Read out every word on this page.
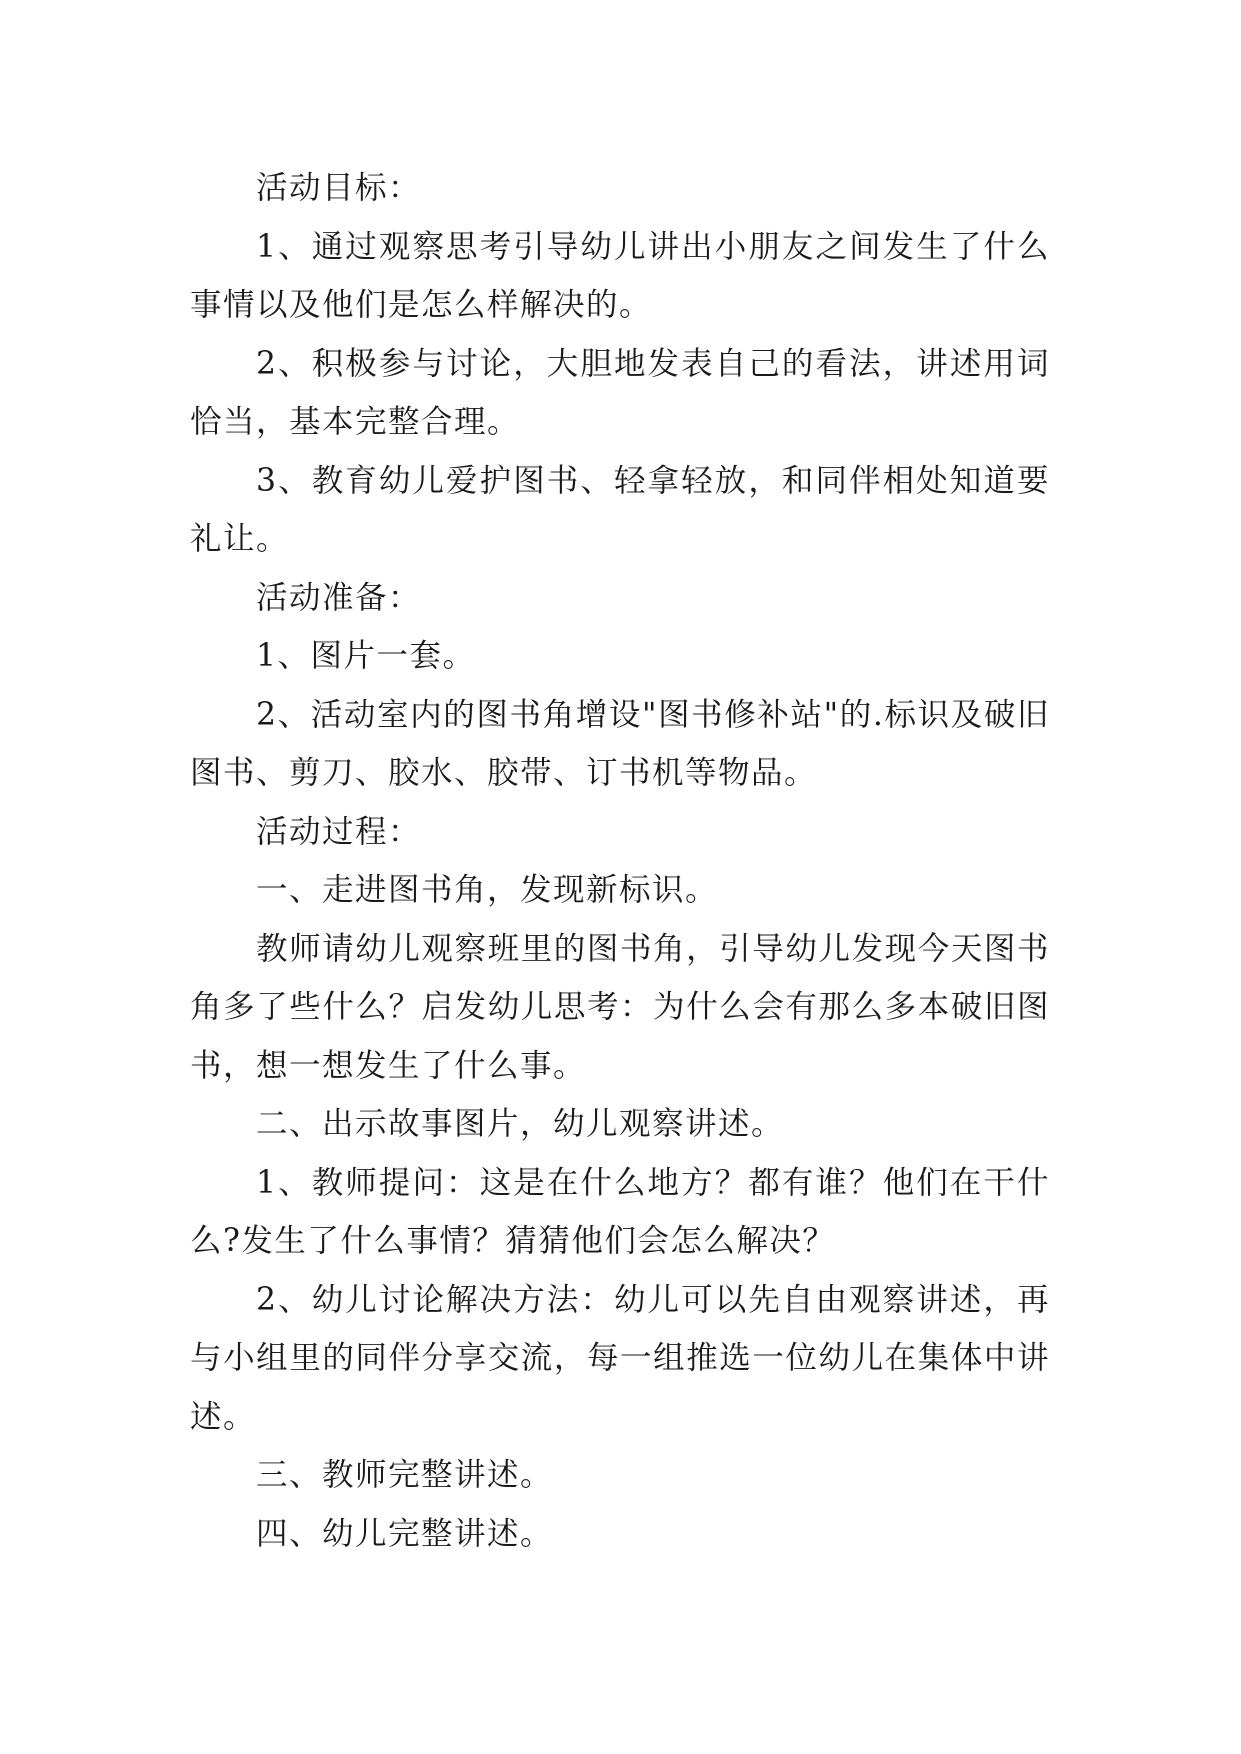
活动目标：

1、通过观察思考引导幼儿讲出小朋友之间发生了什么事情以及他们是怎么样解决的。

2、积极参与讨论，大胆地发表自己的看法，讲述用词恰当，基本完整合理。

3、教育幼儿爱护图书、轻拿轻放，和同伴相处知道要礼让。

活动准备：

1、图片一套。

2、活动室内的图书角增设"图书修补站"的.标识及破旧图书、剪刀、胶水、胶带、订书机等物品。

活动过程：

一、走进图书角，发现新标识。

教师请幼儿观察班里的图书角，引导幼儿发现今天图书角多了些什么？启发幼儿思考：为什么会有那么多本破旧图书，想一想发生了什么事。

二、出示故事图片，幼儿观察讲述。

1、教师提问：这是在什么地方？都有谁？他们在干什么?发生了什么事情？猜猜他们会怎么解决？

2、幼儿讨论解决方法：幼儿可以先自由观察讲述，再与小组里的同伴分享交流，每一组推选一位幼儿在集体中讲述。

三、教师完整讲述。

四、幼儿完整讲述。
